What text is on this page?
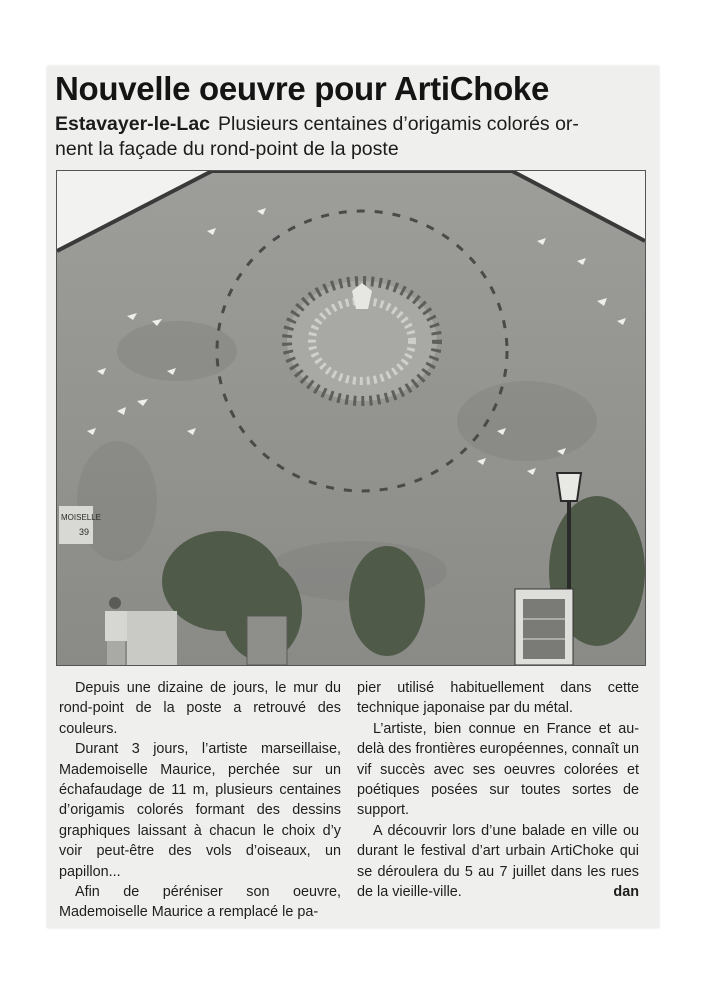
Nouvelle oeuvre pour ArtiChoke
Estavayer-le-Lac Plusieurs centaines d’origamis colorés or-
nent la façade du rond-point de la poste
MOISELLE
39

Depuis une dizaine de jours, le mur du rond-point de la poste a retrouvé des couleurs.

Durant 3 jours, l’artiste marseillaise, Mademoiselle Maurice, perchée sur un échafaudage de 11 m, plusieurs centaines d’origamis colorés formant des dessins graphiques laissant à chacun le choix d’y voir peut-être des vols d’oiseaux, un papillon...

Afin de péréniser son oeuvre, Mademoiselle Maurice a remplacé le pa-

pier utilisé habituellement dans cette technique japonaise par du métal.

L’artiste, bien connue en France et au-delà des frontières européennes, connaît un vif succès avec ses oeuvres colorées et poétiques posées sur toutes sortes de support.

A découvrir lors d’une balade en ville ou durant le festival d’art urbain ArtiChoke qui se déroulera du 5 au 7 juillet dans les rues de la vieille-ville.	dan
